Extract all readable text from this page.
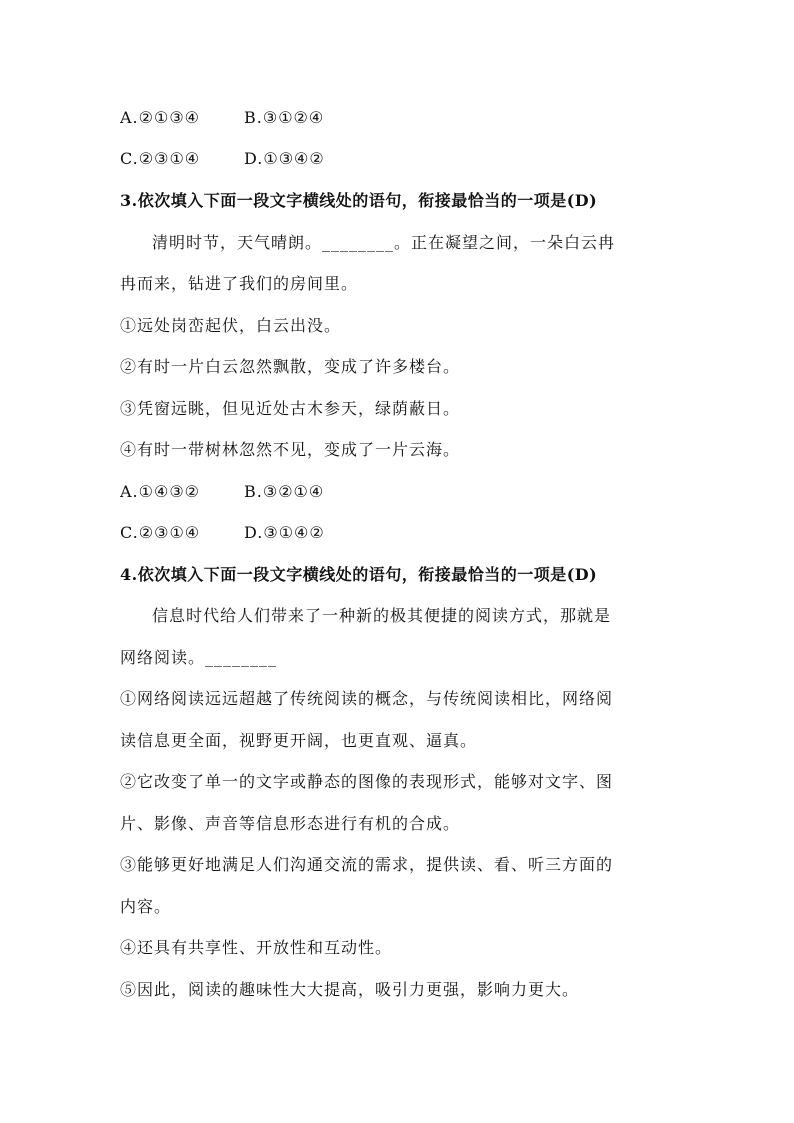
A.②①③④	B.③①②④
C.②③①④	D.①③④②
3.依次填入下面一段文字横线处的语句，衔接最恰当的一项是(D)
清明时节，天气晴朗。________。正在凝望之间，一朵白云冉
冉而来，钻进了我们的房间里。
①远处岗峦起伏，白云出没。
②有时一片白云忽然飘散，变成了许多楼台。
③凭窗远眺，但见近处古木参天，绿荫蔽日。
④有时一带树林忽然不见，变成了一片云海。
A.①④③②	B.③②①④
C.②③①④	D.③①④②
4.依次填入下面一段文字横线处的语句，衔接最恰当的一项是(D)
信息时代给人们带来了一种新的极其便捷的阅读方式，那就是
网络阅读。________
①网络阅读远远超越了传统阅读的概念，与传统阅读相比，网络阅
读信息更全面，视野更开阔，也更直观、逼真。
②它改变了单一的文字或静态的图像的表现形式，能够对文字、图
片、影像、声音等信息形态进行有机的合成。
③能够更好地满足人们沟通交流的需求，提供读、看、听三方面的
内容。
④还具有共享性、开放性和互动性。
⑤因此，阅读的趣味性大大提高，吸引力更强，影响力更大。
